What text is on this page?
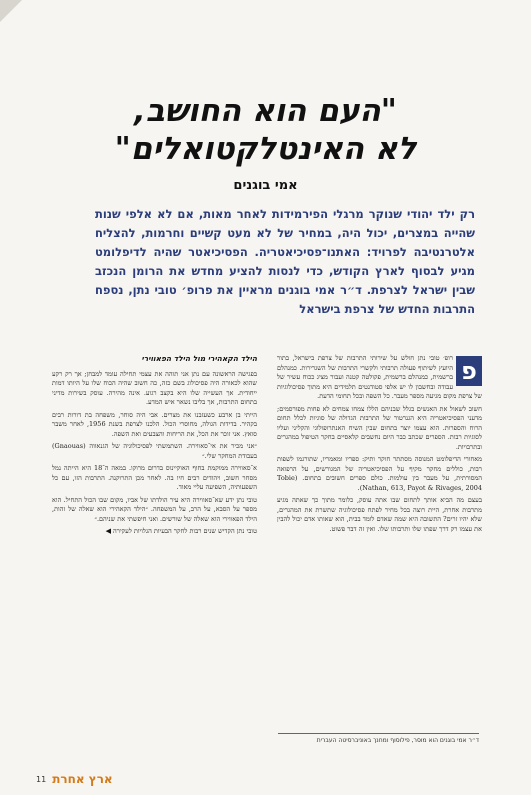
"העם הוא החושב,
לא האינטלקטואלים"
אמי בוגנים
רק ילד יהודי שנוקר מרגלי הפירמידות לאחר מאות, אם לא אלפי שנות שהייה במצרים, יכול היה, במחיר של לא מעט קשיים וחרמות, להצליח אלטרנטיבה לפרויד: האתנו־פסיכיאטריה. הפסיכיאטר שהיה לדיפלומט מגיע לבסוף לארץ הקודש, כדי לנסות להציע מחדש את הרומן הנכזב שבין ישראל לצרפת. ד״ר אמי בוגנים מראיין את פרופ׳ טובי נתן, נספח התרבות החדש של צרפת בישראל
פ

רופ׳ טובי נתן חולש על שירותי התרבות של צרפת בישראל, בתור היועץ לשיתוף פעולה תרבותי ולקשרי התרבות של השגרירות. כמנהלם ברשמית, כמנהלם ברשמית, פקולטה קטנה ועבור מציג ככוח עשיר של עבודה ובחשבון לו יש אלפי סטודנטים תלמידים היא מתוך פסיכולוגיות של צרפת מקום מגיעה מספר מעבר. כל השפה ובכל תחומי הדעת.

חשוב לשאול את האנשים בגלל שבניהם הללו צמחו צמחים לא פחות מפורסמים; מדעני הפסיכיאטריה היא הגנרטור של התרבות הגדולה של סוגיות לכלל תחום הרוח והספרות. הוא עצמו יוצר בתחום שבין השיח האנתרופולוגי והקליני ועליו לסוגיות רבות. הספרים שכתב כבר היום נחשבים קלאסיים בחקר הטיפול במהגרים ובתרבויות.

מאחורי הדיפלומט המנוסה מסתתר חוקר ותיק: ספריו ומאמריו, שתורגמו לשפות רבות, כוללים מחקר מקיף על הפסיכיאטריה של המגורשים, על הרפואה המסורתית, על מעבר בין עולמות. כולם ספרים חשובים בתחום. (Tobie Nathan, 613, Payot & Rivages, 2004).

בעצם מה הביא אותך לתחום שבו אתה עוסק, כלומר מתוך כך שאתה מגיע מתרבות אחרת, היית רוצה בכל מחיר לפתח פסיכולוגיה שתשרת את המהגרים, שלא יהיו זרים? התשובה היא שמה שאדם לומד בבית, הוא שאותו אדם יכול להבין את עצמו רק דרך שפתו שלו ותרבותו שלו. ואין זה דבר פשוט.

הילד הקאהירי מול הילד הפאווירי

בפגישה הראשונה עם נתן אני תוהה את עצמי תחילה עומד למבחן; אך רק רקע שהוא לכאורה היה פסיכולוג בשם כזה, כה חשוב שהיה הכוח שלו על היותו דמות ייחודית. אך העשייה שלו היא בקצב רגוע. אינה מהירה. עוסק בשירות מדיני בתחום התרבות, אך בליבו נשאר איש המדע.

הייתי בן ארבע כשעזבנו את מצרים. אבי היה סוחר, משפחה בת דורות רבים בקהיר. בדידות הגולה, מחוסרי הכול. הלכנו לצרפת בשנת 1956, לאחר משבר סואץ. אני זוכר את הכל, את הריחות והצבעים ואת השפה.

״אני מכיר את אי־סאווירה. השתמשתי לפסיכולוגיה של הגנאווה (Gnaouas) בעבודת המחקר שלי.״

א־סאווירה ממוקמת בחוף האוקיינוס בדרום מרוקו. במאה ה־18 היא הייתה נמל מסחר חשוב, ויהודים רבים חיו בה. לאחר מכן התרוקנה. התרבות הזו, עם כל השפעותיה, השפיעה עליי מאוד.

טובי נתן ידע שא־סאווירה היא עיר הולדתו של אביו, מקום שבו הכול התחיל. הוא מספר על הסבא, על הרב, על המשפחה. ״הילד הקאהירי הוא שאלה של זהות, הילד הפאווירי הוא שאלה של שורשים. ואני חיפשתי את שניהם.״

טובי נתן הקדיש שנים רבות לחקר הבעיות הגלויות לעקירה ◀

ד״ר אמי בוגנים הוא מוסר, פילוסוף ומחנך באוניברסיטה העברית
11 ארץ אחרת
